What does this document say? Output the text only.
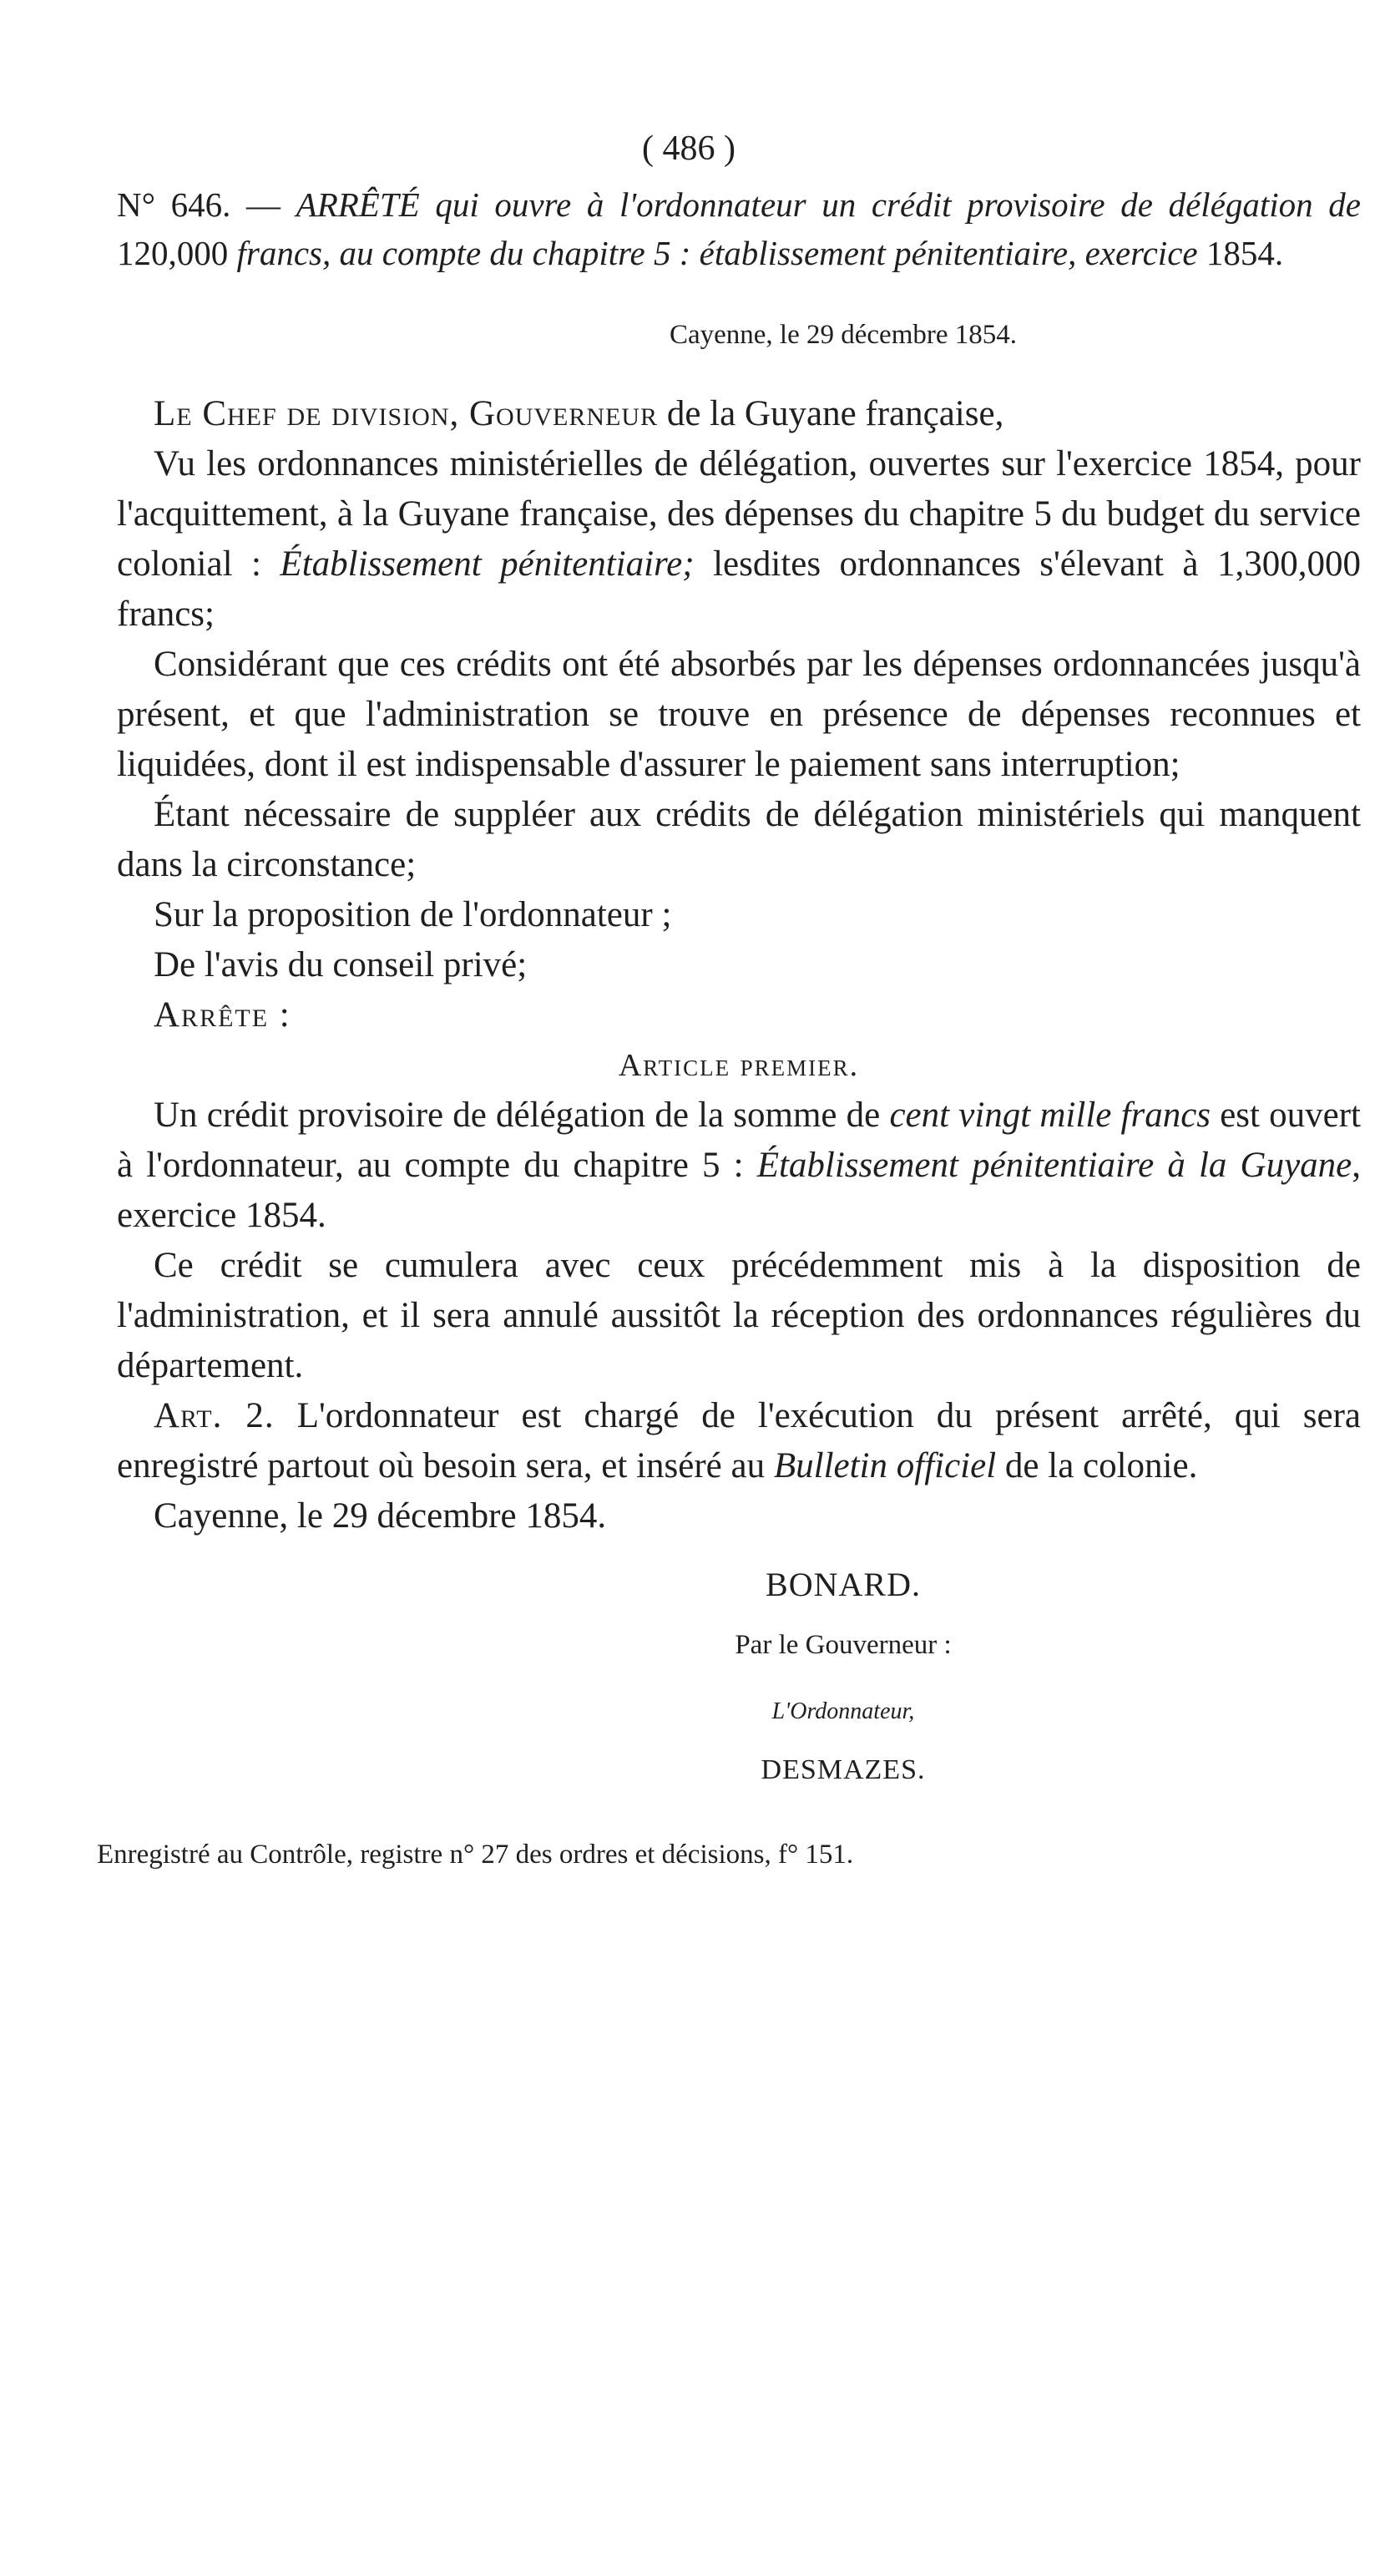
( 486 )
N° 646. — ARRÊTÉ qui ouvre à l'ordonnateur un crédit provisoire de délégation de 120,000 francs, au compte du chapitre 5 : établissement pénitentiaire, exercice 1854.
Cayenne, le 29 décembre 1854.

Le Chef de division, Gouverneur de la Guyane française,

Vu les ordonnances ministérielles de délégation, ouvertes sur l'exercice 1854, pour l'acquittement, à la Guyane française, des dépenses du chapitre 5 du budget du service colonial : Établissement pénitentiaire; lesdites ordonnances s'élevant à 1,300,000 francs;

Considérant que ces crédits ont été absorbés par les dépenses ordonnancées jusqu'à présent, et que l'administration se trouve en présence de dépenses reconnues et liquidées, dont il est indispensable d'assurer le paiement sans interruption;

Étant nécessaire de suppléer aux crédits de délégation ministériels qui manquent dans la circonstance;

Sur la proposition de l'ordonnateur ;

De l'avis du conseil privé;

Arrête :

Article premier.

Un crédit provisoire de délégation de la somme de cent vingt mille francs est ouvert à l'ordonnateur, au compte du chapitre 5 : Établissement pénitentiaire à la Guyane, exercice 1854.

Ce crédit se cumulera avec ceux précédemment mis à la disposition de l'administration, et il sera annulé aussitôt la réception des ordonnances régulières du département.

Art. 2. L'ordonnateur est chargé de l'exécution du présent arrêté, qui sera enregistré partout où besoin sera, et inséré au Bulletin officiel de la colonie.

Cayenne, le 29 décembre 1854.

BONARD.
Par le Gouverneur :
L'Ordonnateur,
DESMAZES.
Enregistré au Contrôle, registre n° 27 des ordres et décisions, f° 151.
